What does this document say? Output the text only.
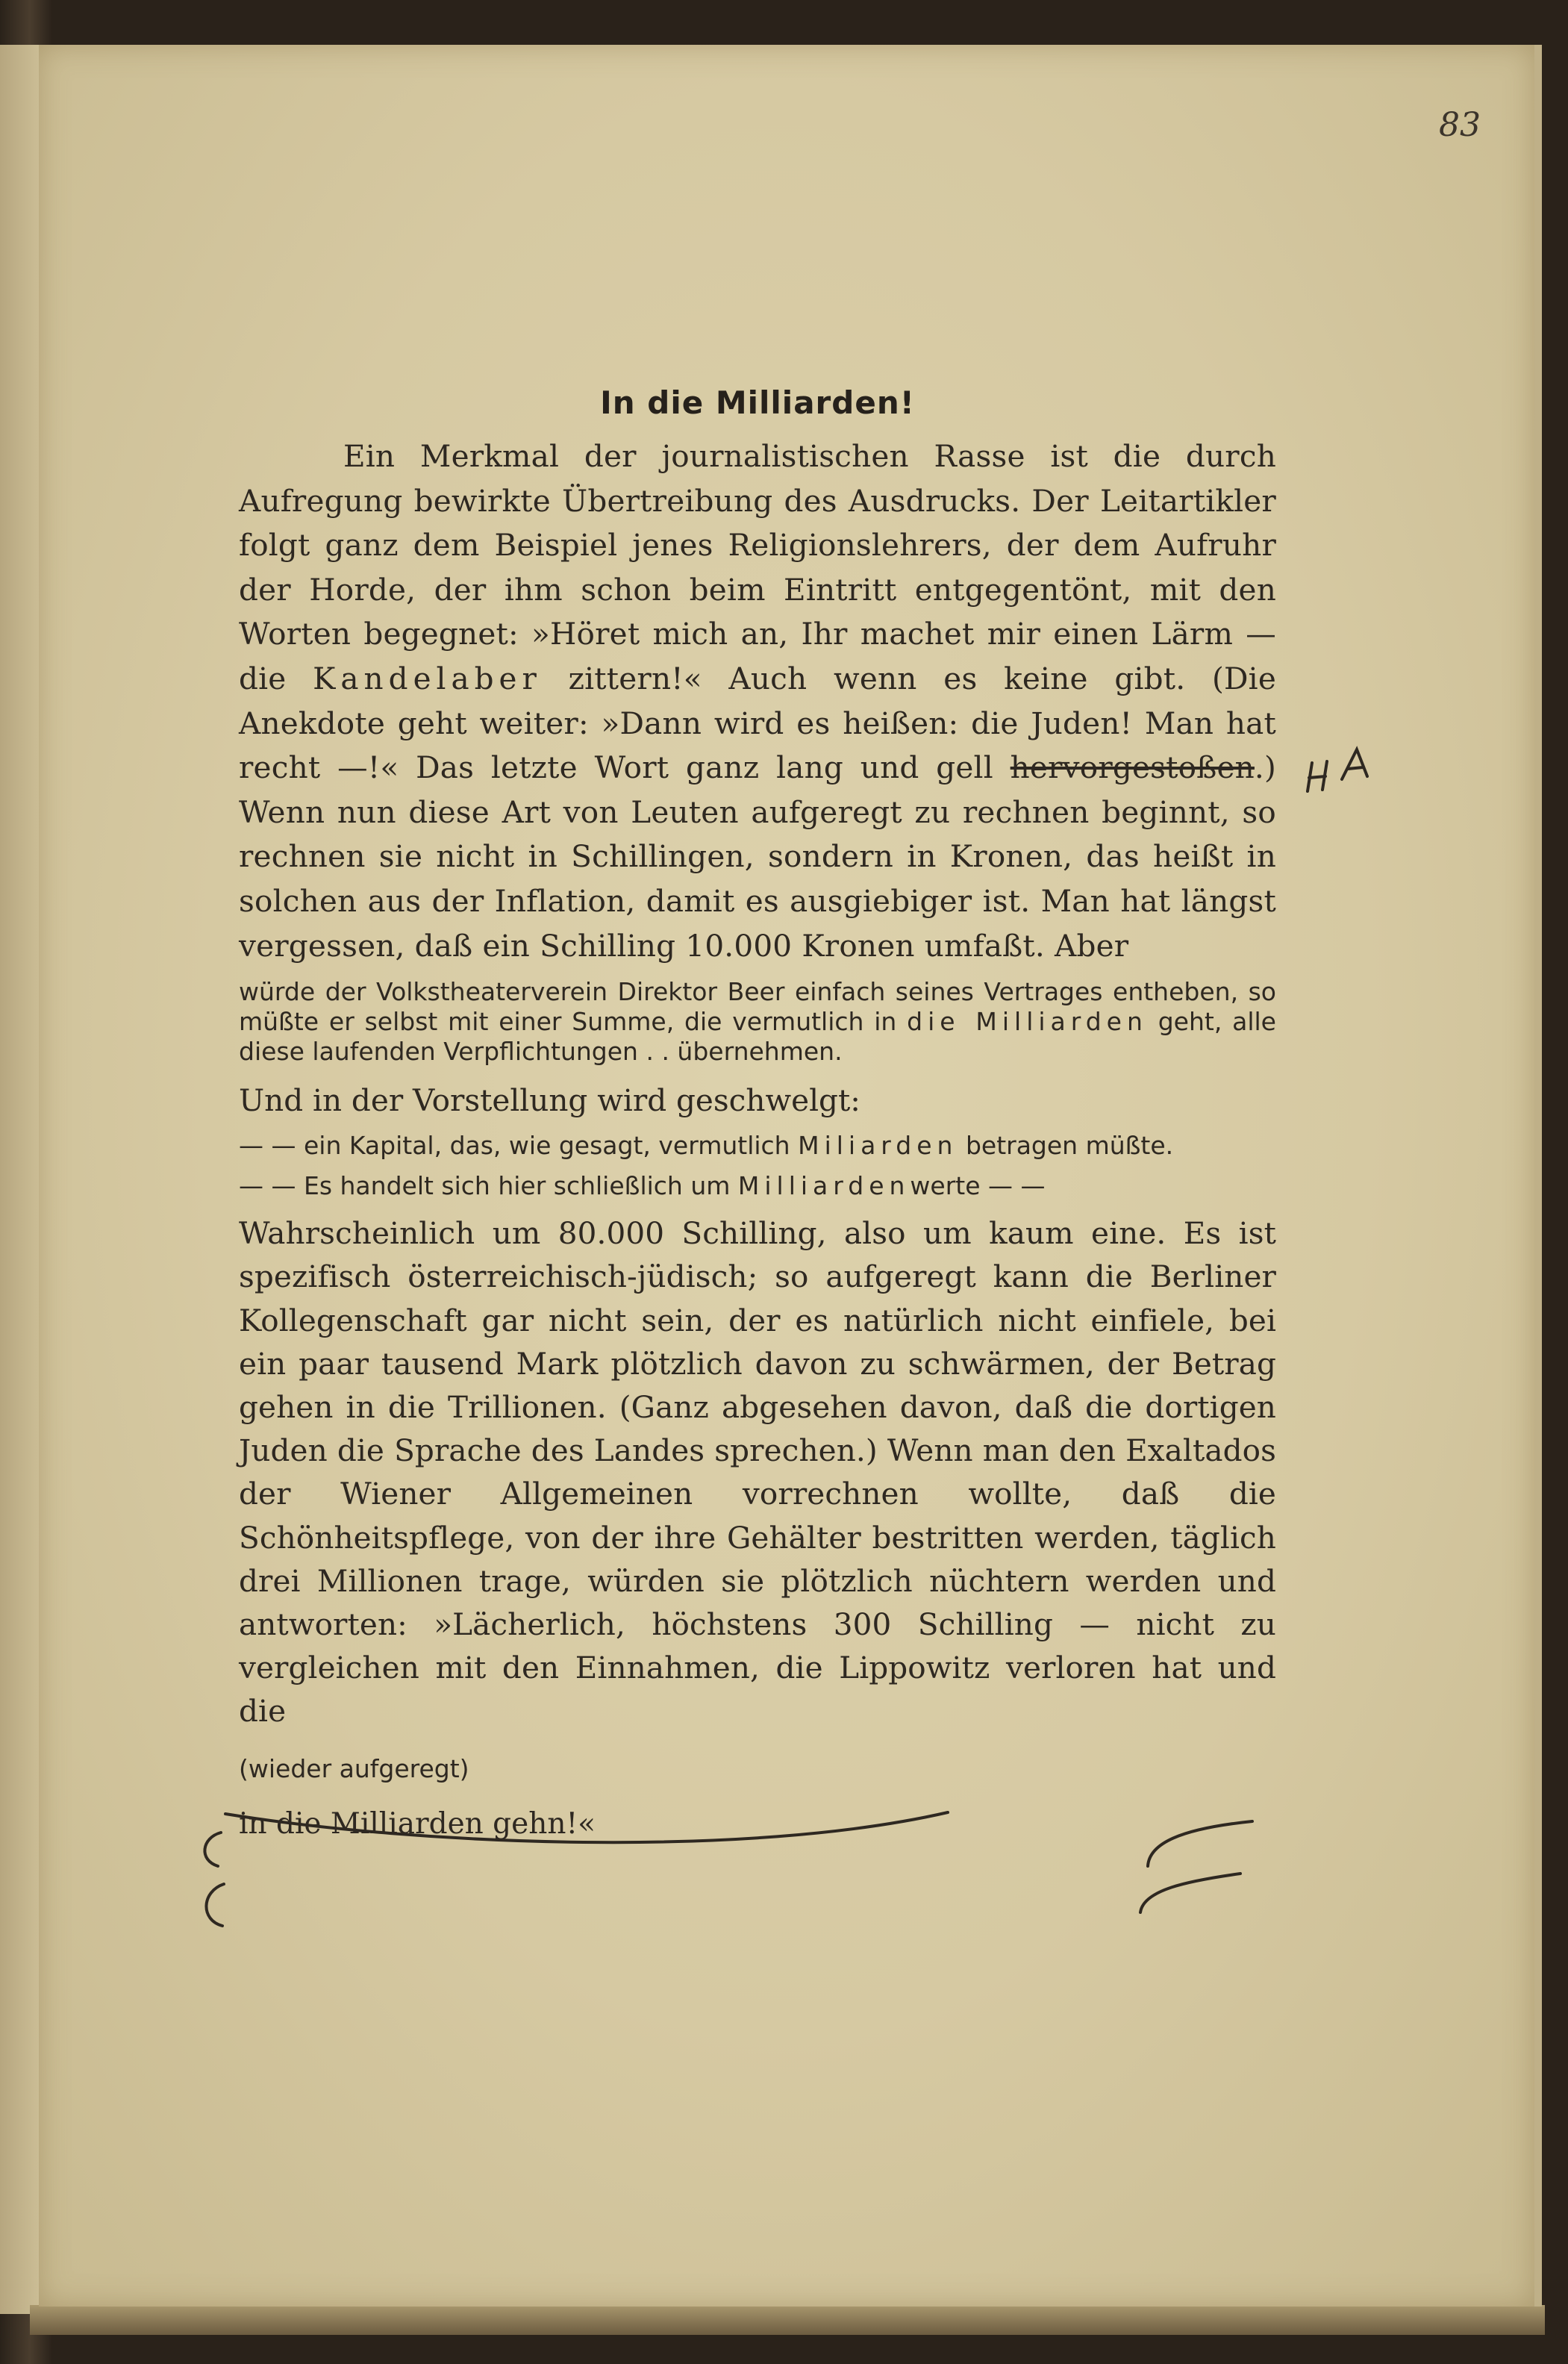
83

In die Milliarden!

Ein Merkmal der journalistischen Rasse ist die durch Aufregung bewirkte Übertreibung des Ausdrucks. Der Leitartikler folgt ganz dem Beispiel jenes Religionslehrers, der dem Aufruhr der Horde, der ihm schon beim Eintritt entgegentönt, mit den Worten begegnet: »Höret mich an, Ihr machet mir einen Lärm — die Kandelaber zittern!« Auch wenn es keine gibt. (Die Anekdote geht weiter: »Dann wird es heißen: die Juden! Man hat recht —!« Das letzte Wort ganz lang und gell hervorgestoßen.) Wenn nun diese Art von Leuten aufgeregt zu rechnen beginnt, so rechnen sie nicht in Schillingen, sondern in Kronen, das heißt in solchen aus der Inflation, damit es ausgiebiger ist. Man hat längst vergessen, daß ein Schilling 10.000 Kronen umfaßt. Aber

würde der Volkstheaterverein Direktor Beer einfach seines Vertrages entheben, so müßte er selbst mit einer Summe, die vermutlich in die Milliarden geht, alle diese laufenden Verpflichtungen . . übernehmen.

Und in der Vorstellung wird geschwelgt:

— — ein Kapital, das, wie gesagt, vermutlich Miliarden betragen müßte.

— — Es handelt sich hier schließlich um Milliardenwerte — —

Wahrscheinlich um 80.000 Schilling, also um kaum eine. Es ist spezifisch österreichisch-jüdisch; so aufgeregt kann die Berliner Kollegenschaft gar nicht sein, der es natürlich nicht einfiele, bei ein paar tausend Mark plötzlich davon zu schwärmen, der Betrag gehen in die Trillionen. (Ganz abgesehen davon, daß die dortigen Juden die Sprache des Landes sprechen.) Wenn man den Exaltados der Wiener Allgemeinen vorrechnen wollte, daß die Schönheitspflege, von der ihre Gehälter bestritten werden, täglich drei Millionen trage, würden sie plötzlich nüchtern werden und antworten: »Lächerlich, höchstens 300 Schilling — nicht zu vergleichen mit den Einnahmen, die Lippowitz verloren hat und die

(wieder aufgeregt)

in die Milliarden gehn!«
